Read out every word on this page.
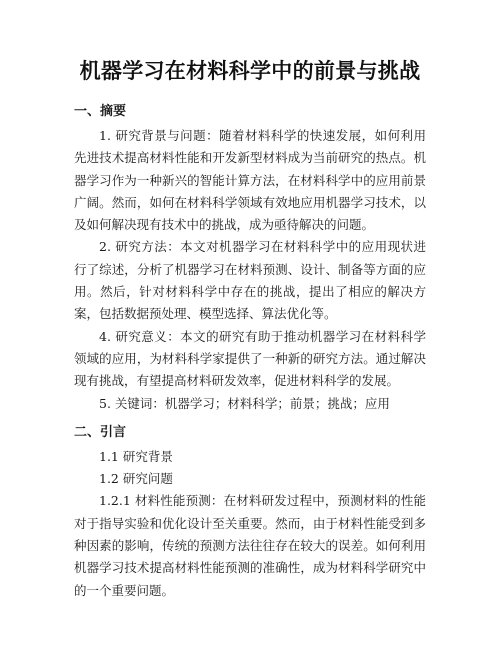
机器学习在材料科学中的前景与挑战
一、摘要

1. 研究背景与问题：随着材料科学的快速发展，如何利用先进技术提高材料性能和开发新型材料成为当前研究的热点。机器学习作为一种新兴的智能计算方法，在材料科学中的应用前景广阔。然而，如何在材料科学领域有效地应用机器学习技术，以及如何解决现有技术中的挑战，成为亟待解决的问题。

2. 研究方法：本文对机器学习在材料科学中的应用现状进行了综述，分析了机器学习在材料预测、设计、制备等方面的应用。然后，针对材料科学中存在的挑战，提出了相应的解决方案，包括数据预处理、模型选择、算法优化等。

4. 研究意义：本文的研究有助于推动机器学习在材料科学领域的应用，为材料科学家提供了一种新的研究方法。通过解决现有挑战，有望提高材料研发效率，促进材料科学的发展。

5. 关键词：机器学习；材料科学；前景；挑战；应用

二、引言

1.1 研究背景

1.2 研究问题

1.2.1 材料性能预测：在材料研发过程中，预测材料的性能对于指导实验和优化设计至关重要。然而，由于材料性能受到多种因素的影响，传统的预测方法往往存在较大的误差。如何利用机器学习技术提高材料性能预测的准确性，成为材料科学研究中的一个重要问题。
